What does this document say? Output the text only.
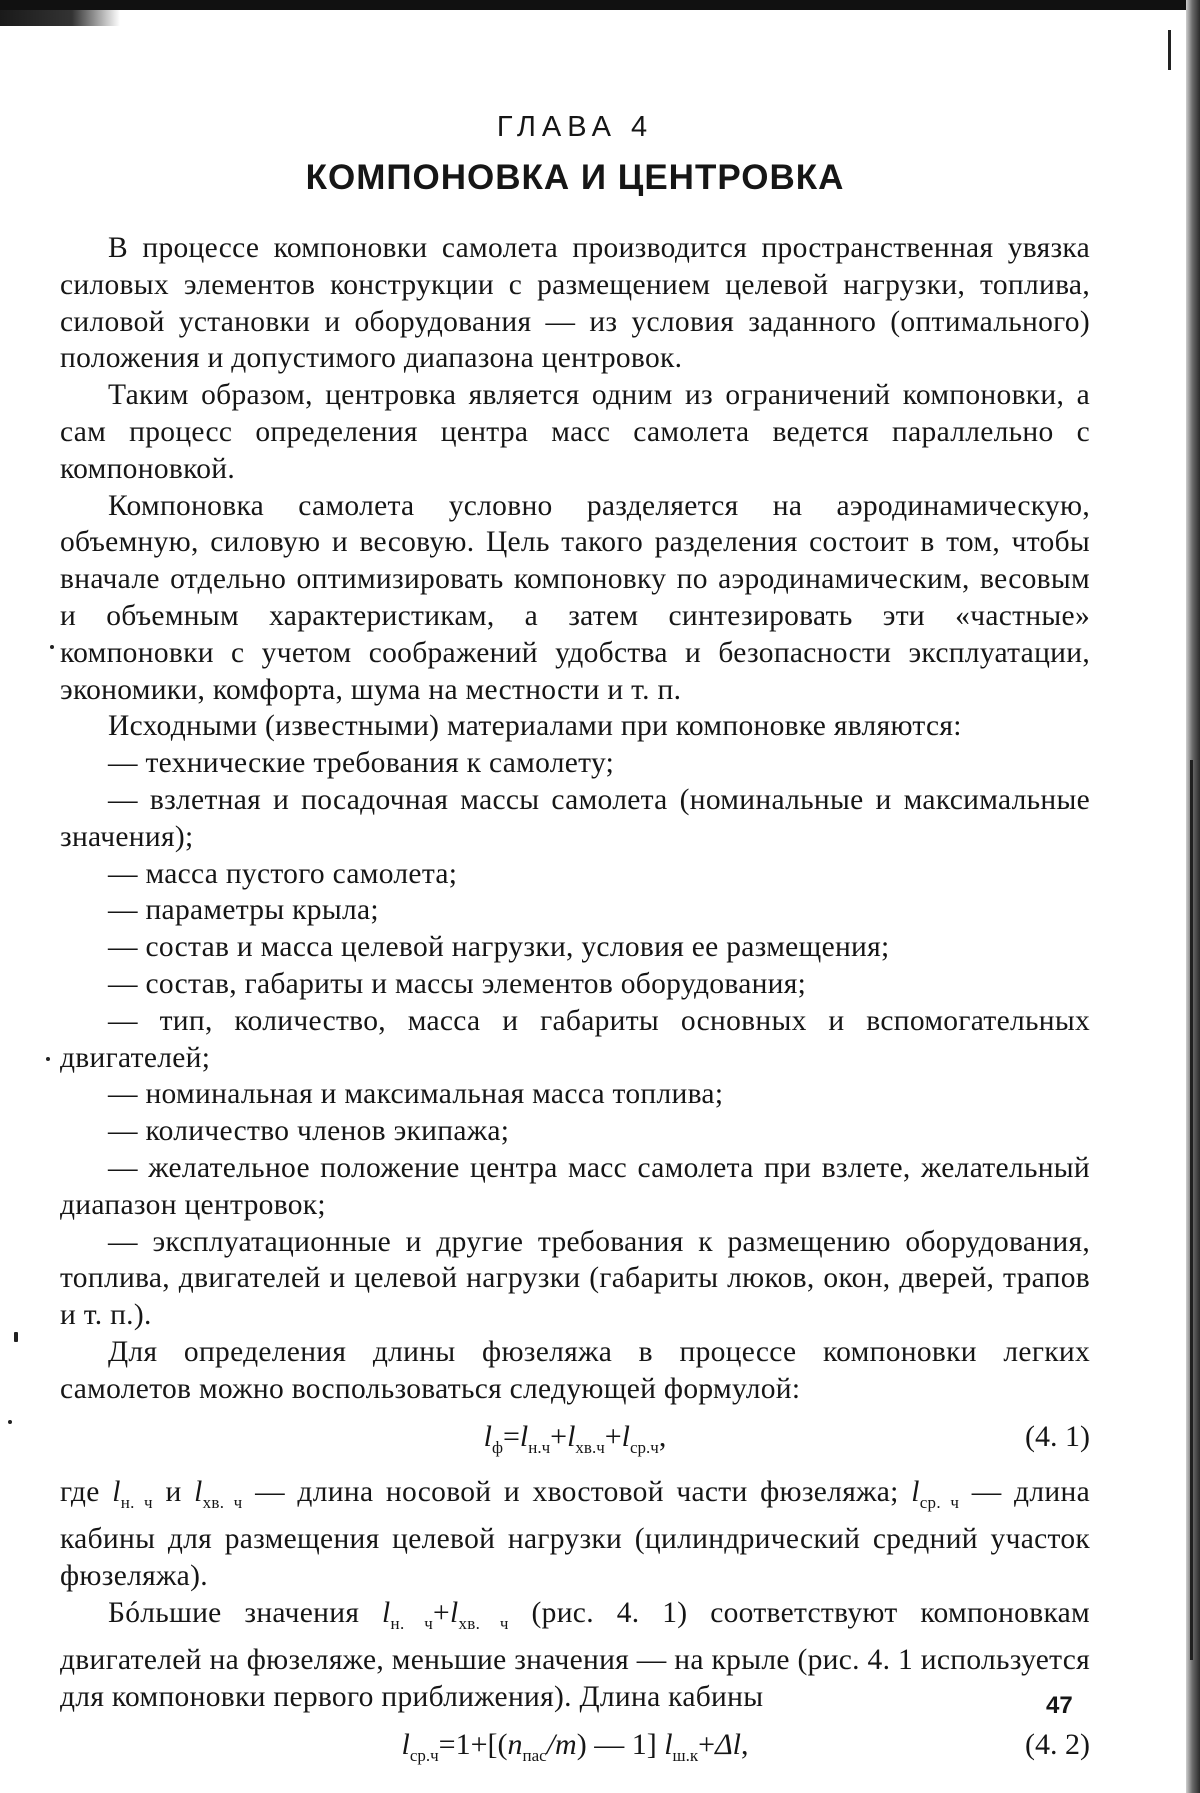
ГЛАВА 4
КОМПОНОВКА И ЦЕНТРОВКА

В процессе компоновки самолета производится пространственная увязка силовых элементов конструкции с размещением целевой нагрузки, топлива, силовой установки и оборудования — из условия заданного (оптимального) положения и допустимого диапазона центровок.

Таким образом, центровка является одним из ограничений компоновки, а сам процесс определения центра масс самолета ведется параллельно с компоновкой.

Компоновка самолета условно разделяется на аэродинамическую, объемную, силовую и весовую. Цель такого разделения состоит в том, чтобы вначале отдельно оптимизировать компоновку по аэродинамическим, весовым и объемным характеристикам, а затем синтезировать эти «частные» компоновки с учетом соображений удобства и безопасности эксплуатации, экономики, комфорта, шума на местности и т. п.

Исходными (известными) материалами при компоновке являются:

— технические требования к самолету;

— взлетная и посадочная массы самолета (номинальные и максимальные значения);

— масса пустого самолета;

— параметры крыла;

— состав и масса целевой нагрузки, условия ее размещения;

— состав, габариты и массы элементов оборудования;

— тип, количество, масса и габариты основных и вспомогательных двигателей;

— номинальная и максимальная масса топлива;

— количество членов экипажа;

— желательное положение центра масс самолета при взлете, желательный диапазон центровок;

— эксплуатационные и другие требования к размещению оборудования, топлива, двигателей и целевой нагрузки (габариты люков, окон, дверей, трапов и т. п.).

Для определения длины фюзеляжа в процессе компоновки легких самолетов можно воспользоваться следующей формулой:

$l_ф=l_{н.ч}+l_{хв.ч}+l_{ср.ч}$,	(4. 1)

где $l_{н. ч}$ и $l_{хв. ч}$ — длина носовой и хвостовой части фюзеляжа; $l_{ср. ч}$ — длина кабины для размещения целевой нагрузки (цилиндрический средний участок фюзеляжа).

Бóльшие значения $l_{н. ч}+l_{хв. ч}$ (рис. 4. 1) соответствуют компоновкам двигателей на фюзеляже, меньшие значения — на крыле (рис. 4. 1 используется для компоновки первого приближения). Длина кабины

$l_{ср.ч}=1+[(n_{пас}/m)$ — 1] $l_{ш.к}+\Delta l$,	(4. 2)
47
